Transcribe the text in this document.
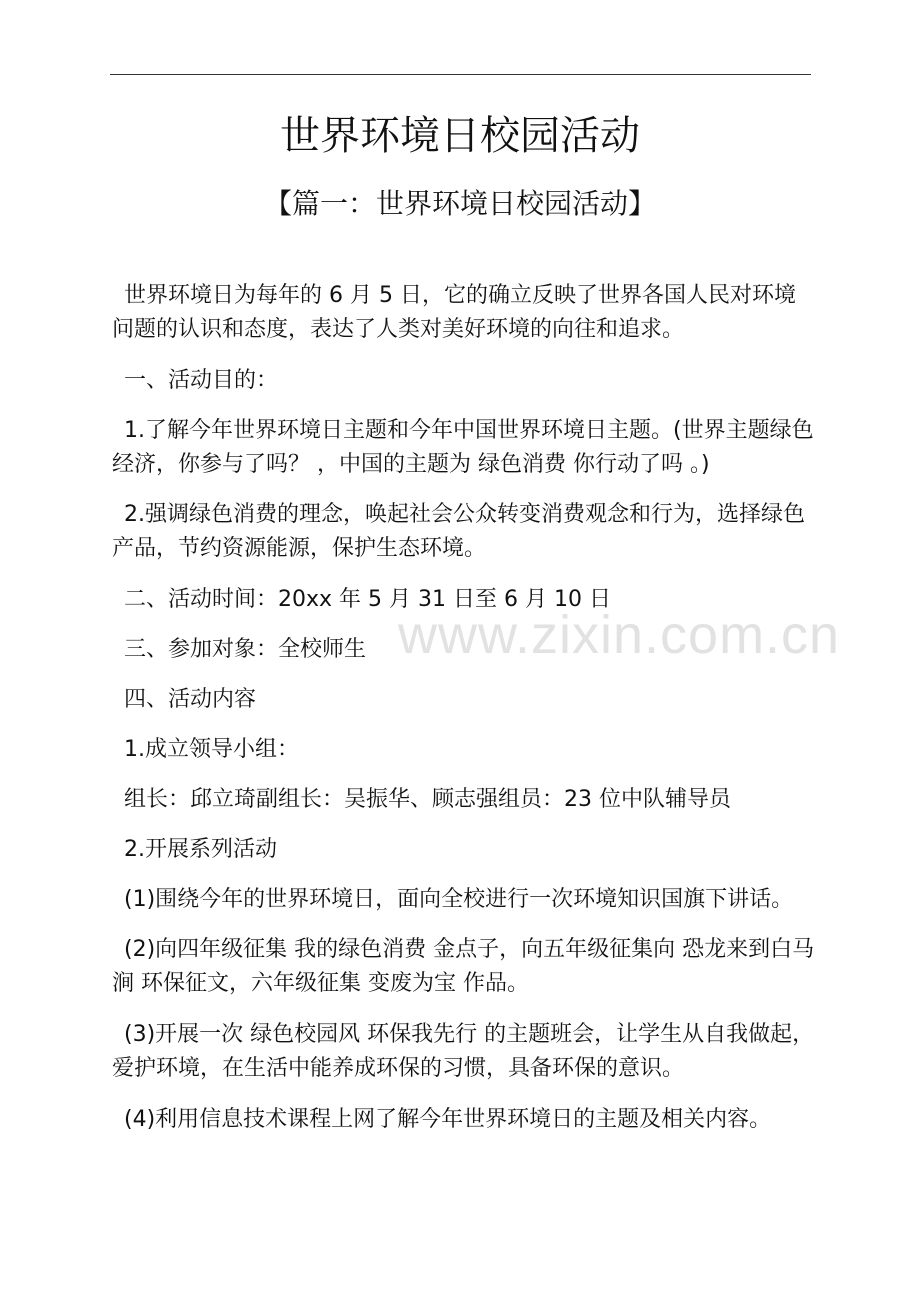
世界环境日校园活动
【篇一：世界环境日校园活动】

世界环境日为每年的 6 月 5 日，它的确立反映了世界各国人民对环境问题的认识和态度，表达了人类对美好环境的向往和追求。

一、活动目的：

1.了解今年世界环境日主题和今年中国世界环境日主题。(世界主题绿色经济，你参与了吗？ ，中国的主题为 绿色消费 你行动了吗 。)

2.强调绿色消费的理念，唤起社会公众转变消费观念和行为，选择绿色产品，节约资源能源，保护生态环境。

二、活动时间：20xx 年 5 月 31 日至 6 月 10 日

三、参加对象：全校师生

四、活动内容

1.成立领导小组：

组长：邱立琦副组长：吴振华、顾志强组员：23 位中队辅导员

2.开展系列活动

(1)围绕今年的世界环境日，面向全校进行一次环境知识国旗下讲话。

(2)向四年级征集 我的绿色消费 金点子，向五年级征集向 恐龙来到白马涧 环保征文，六年级征集 变废为宝 作品。

(3)开展一次 绿色校园风 环保我先行 的主题班会，让学生从自我做起，爱护环境，在生活中能养成环保的习惯，具备环保的意识。

(4)利用信息技术课程上网了解今年世界环境日的主题及相关内容。

www.zixin.com.cn
